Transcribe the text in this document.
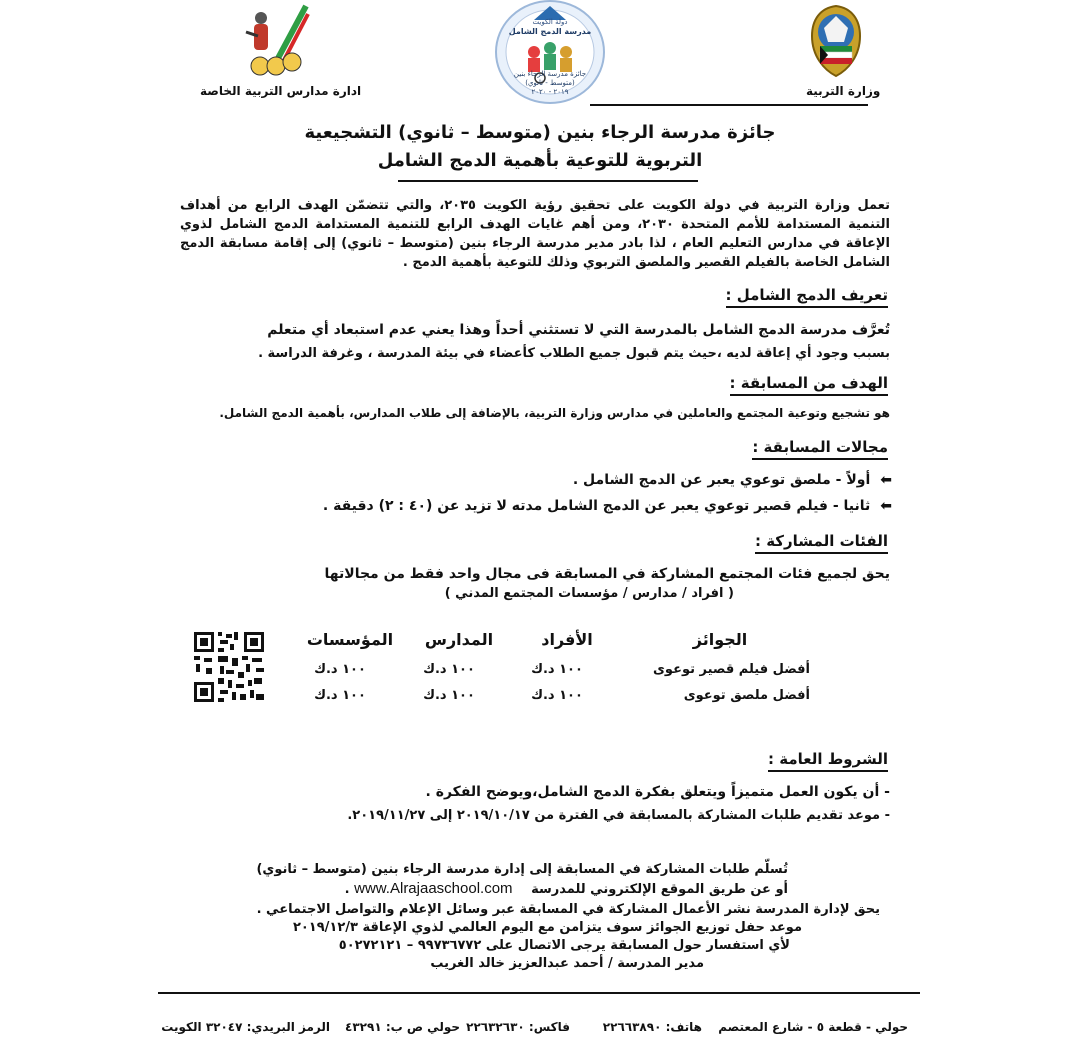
وزارة التربية
دولة الكويت
مدرسة الدمج الشامل
جائزة مدرسة الرجاء بنين
(متوسط - ثانوي)
٢٠١٩ - ٢٠٢٠
ادارة مدارس التربية الخاصة
جائزة مدرسة الرجاء بنين (متوسط – ثانوي) التشجيعية
التربوية للتوعية بأهمية الدمج الشامل
تعمل وزارة التربية في دولة الكويت على تحقيق رؤية الكويت ٢٠٣٥، والتي تتضمّن الهدف الرابع من أهداف التنمية المستدامة للأمم المتحدة ٢٠٣٠، ومن أهم غايات الهدف الرابع للتنمية المستدامة الدمج الشامل لذوي الإعاقة في مدارس التعليم العام ، لذا بادر مدير مدرسة الرجاء بنين (متوسط – ثانوي) إلى إقامة مسابقة الدمج الشامل الخاصة بالفيلم القصير والملصق التربوي وذلك للتوعية بأهمية الدمج .
تعريف الدمج الشامل :
تُعرَّف مدرسة الدمج الشامل بالمدرسة التي لا تستثني أحداً وهذا يعني عدم استبعاد أي متعلم
بسبب وجود أي إعاقة لديه ،حيث يتم قبول جميع الطلاب كأعضاء في بيئة المدرسة ، وغرفة الدراسة .
الهدف من المسابقة :
هو تشجيع وتوعية المجتمع والعاملين في مدارس وزارة التربية، بالإضافة إلى طلاب المدارس، بأهمية الدمج الشامل.
مجالات المسابقة :
⬅أولاً - ملصق توعوي يعبر عن الدمج الشامل .
⬅ثانيا - فيلم قصير توعوي يعبر عن الدمج الشامل مدته لا تزيد عن (٤٠ : ٢) دقيقة .
الفئات المشاركة :
يحق لجميع فئات المجتمع المشاركة في المسابقة فى مجال واحد فقط من مجالاتها
( افراد / مدارس / مؤسسات المجتمع المدني )
الجوائز
الأفراد
المدارس
المؤسسات
أفضل فيلم قصير توعوى
١٠٠ د.ك
١٠٠ د.ك
١٠٠ د.ك
أفضل ملصق توعوى
١٠٠ د.ك
١٠٠ د.ك
١٠٠ د.ك
الشروط العامة :
- أن يكون العمل متميزاً ويتعلق بفكرة الدمج الشامل،ويوضح الفكرة .
- موعد تقديم طلبات المشاركة بالمسابقة في الفترة من ٢٠١٩/١٠/١٧ إلى ٢٠١٩/١١/٢٧.
تُسلّم طلبات المشاركة في المسابقة إلى إدارة مدرسة الرجاء بنين (متوسط – ثانوي)
أو عن طريق الموقع الإلكتروني للمدرسة www.Alrajaaschool.com .
يحق لإدارة المدرسة نشر الأعمال المشاركة في المسابقة عبر وسائل الإعلام والتواصل الاجتماعي .
موعد حفل توزيع الجوائز سوف يتزامن مع اليوم العالمي لذوي الإعاقة ٢٠١٩/١٢/٣
لأي استفسار حول المسابقة يرجى الاتصال على ٩٩٧٣٦٧٧٢ – ٥٠٢٧٢١٢١
مدير المدرسة / أحمد عبدالعزيز خالد الغريب
حولي - قطعة ٥ - شارع المعتصم
هاتف: ٢٢٦٦٣٨٩٠
فاكس: ٢٢٦٣٢٦٣٠
حولي ص ب: ٤٣٢٩١
الرمز البريدي: ٣٢٠٤٧ الكويت
